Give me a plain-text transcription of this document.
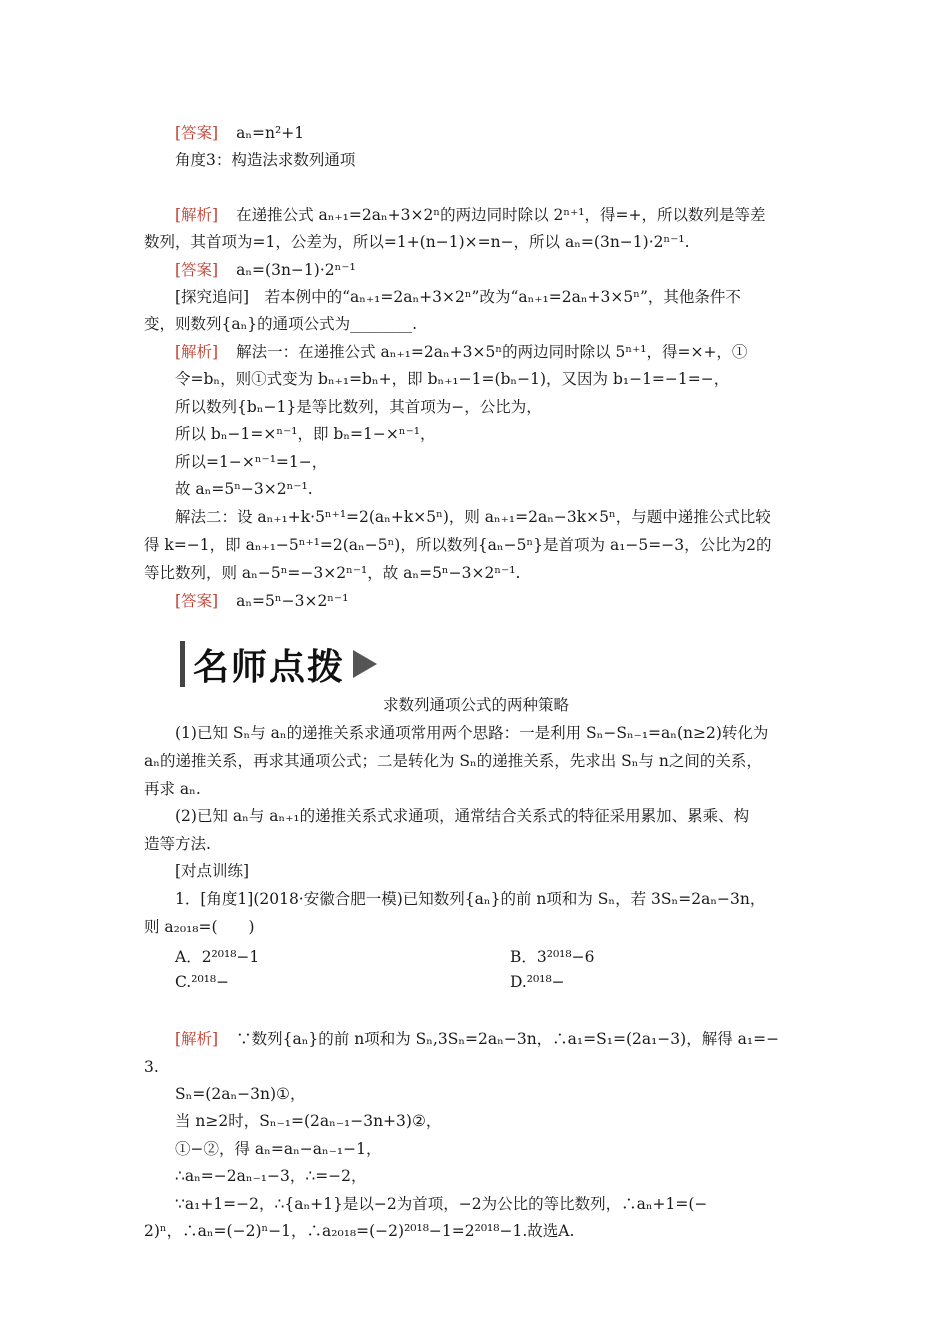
名师点拨
求数列通项公式的两种策略
[答案] aₙ=n²+1
角度3：构造法求数列通项
[解析] 在递推公式 aₙ₊₁=2aₙ+3×2ⁿ的两边同时除以 2ⁿ⁺¹，得=+，所以数列是等差
数列，其首项为=1，公差为，所以=1+(n−1)×=n−，所以 aₙ=(3n−1)·2ⁿ⁻¹.
[答案] aₙ=(3n−1)·2ⁿ⁻¹
[探究追问]　若本例中的“aₙ₊₁=2aₙ+3×2ⁿ”改为“aₙ₊₁=2aₙ+3×5ⁿ”，其他条件不
变，则数列{aₙ}的通项公式为________.
[解析] 解法一：在递推公式 aₙ₊₁=2aₙ+3×5ⁿ的两边同时除以 5ⁿ⁺¹，得=×+，①
令=bₙ，则①式变为 bₙ₊₁=bₙ+，即 bₙ₊₁−1=(bₙ−1)，又因为 b₁−1=−1=−，
所以数列{bₙ−1}是等比数列，其首项为−，公比为，
所以 bₙ−1=×ⁿ⁻¹，即 bₙ=1−×ⁿ⁻¹，
所以=1−×ⁿ⁻¹=1−，
故 aₙ=5ⁿ−3×2ⁿ⁻¹.
解法二：设 aₙ₊₁+k·5ⁿ⁺¹=2(aₙ+k×5ⁿ)，则 aₙ₊₁=2aₙ−3k×5ⁿ，与题中递推公式比较
得 k=−1，即 aₙ₊₁−5ⁿ⁺¹=2(aₙ−5ⁿ)，所以数列{aₙ−5ⁿ}是首项为 a₁−5=−3，公比为2的
等比数列，则 aₙ−5ⁿ=−3×2ⁿ⁻¹，故 aₙ=5ⁿ−3×2ⁿ⁻¹.
[答案] aₙ=5ⁿ−3×2ⁿ⁻¹
(1)已知 Sₙ与 aₙ的递推关系求通项常用两个思路：一是利用 Sₙ−Sₙ₋₁=aₙ(n≥2)转化为
aₙ的递推关系，再求其通项公式；二是转化为 Sₙ的递推关系，先求出 Sₙ与 n之间的关系，
再求 aₙ.
(2)已知 aₙ与 aₙ₊₁的递推关系式求通项，通常结合关系式的特征采用累加、累乘、构
造等方法.
[对点训练]
1．[角度1](2018·安徽合肥一模)已知数列{aₙ}的前 n项和为 Sₙ，若 3Sₙ=2aₙ−3n，
则 a₂₀₁₈=(　　)
[解析] ∵数列{aₙ}的前 n项和为 Sₙ,3Sₙ=2aₙ−3n，∴a₁=S₁=(2a₁−3)，解得 a₁=−
3.
Sₙ=(2aₙ−3n)①，
当 n≥2时，Sₙ₋₁=(2aₙ₋₁−3n+3)②，
①−②，得 aₙ=aₙ−aₙ₋₁−1，
∴aₙ=−2aₙ₋₁−3，∴=−2，
∵a₁+1=−2，∴{aₙ+1}是以−2为首项，−2为公比的等比数列，∴aₙ+1=(−
2)ⁿ，∴aₙ=(−2)ⁿ−1，∴a₂₀₁₈=(−2)²⁰¹⁸−1=2²⁰¹⁸−1.故选A.
A．2²⁰¹⁸−1	B．3²⁰¹⁸−6
C.²⁰¹⁸−	D.²⁰¹⁸−
